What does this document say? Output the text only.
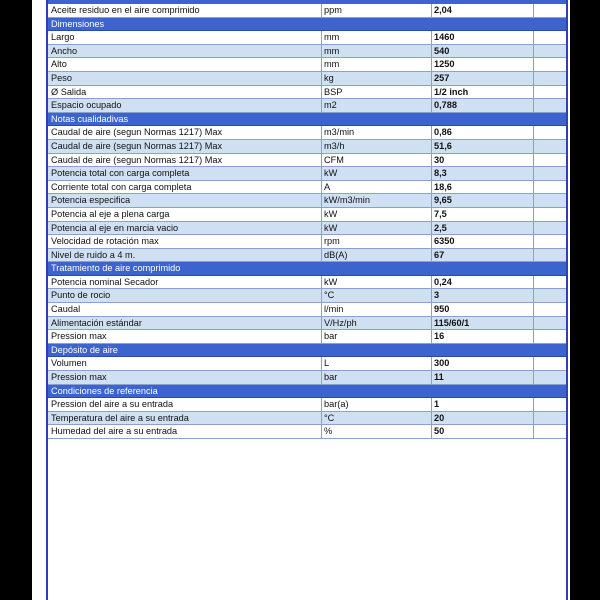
Aceite residuo en el aire comprimido	ppm	2,04
Dimensiones
Largo	mm	1460
Ancho	mm	540
Alto	mm	1250
Peso	kg	257
Ø Salida	BSP	1/2 inch
Espacio ocupado	m2	0,788
Notas cualidadivas
Caudal de aire (segun Normas 1217) Max	m3/min	0,86
Caudal de aire (segun Normas 1217) Max	m3/h	51,6
Caudal de aire (segun Normas 1217) Max	CFM	30
Potencia total con carga completa	kW	8,3
Corriente total con carga completa	A	18,6
Potencia especifica	kW/m3/min	9,65
Potencia al eje a plena carga	kW	7,5
Potencia al eje en marcia vacio	kW	2,5
Velocidad de rotación max	rpm	6350
Nivel de ruido a 4 m.	dB(A)	67
Tratamiento de aire comprimido
Potencia nominal Secador	kW	0,24
Punto de rocio	°C	3
Caudal	l/min	950
Alimentación estándar	V/Hz/ph	115/60/1
Pression max	bar	16
Depósito de aire
Volumen	L	300
Pression max	bar	11
Condiciones de referencia
Pression del aire a su entrada	bar(a)	1
Temperatura del aire a su entrada	°C	20
Humedad del aire a su entrada	%	50
